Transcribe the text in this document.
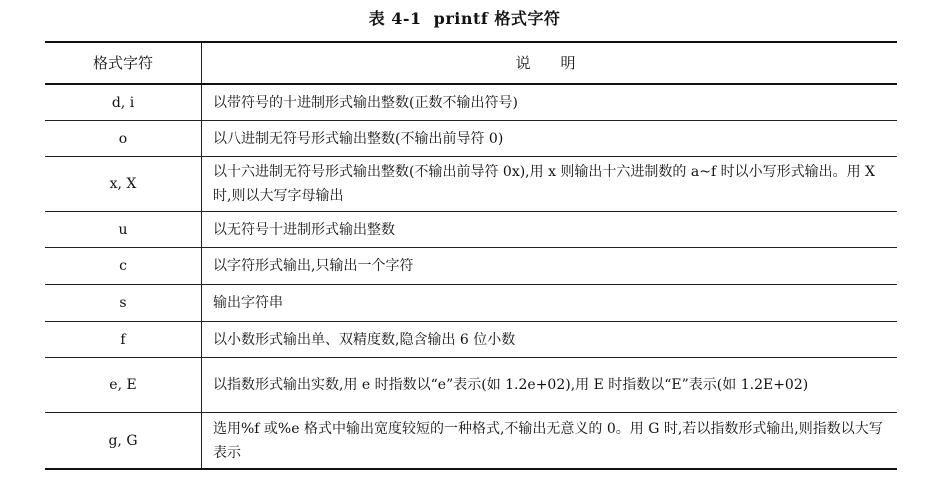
表 4-1 printf 格式字符
格式字符	说明
d, i	以带符号的十进制形式输出整数(正数不输出符号)
o	以八进制无符号形式输出整数(不输出前导符 0)
x, X	以十六进制无符号形式输出整数(不输出前导符 0x),用 x 则输出十六进制数的 a~f 时以小写形式输出。用 X 时,则以大写字母输出
u	以无符号十进制形式输出整数
c	以字符形式输出,只输出一个字符
s	输出字符串
f	以小数形式输出单、双精度数,隐含输出 6 位小数
e, E	以指数形式输出实数,用 e 时指数以“e”表示(如 1.2e+02),用 E 时指数以“E”表示(如 1.2E+02)
g, G	选用%f 或%e 格式中输出宽度较短的一种格式,不输出无意义的 0。用 G 时,若以指数形式输出,则指数以大写表示
